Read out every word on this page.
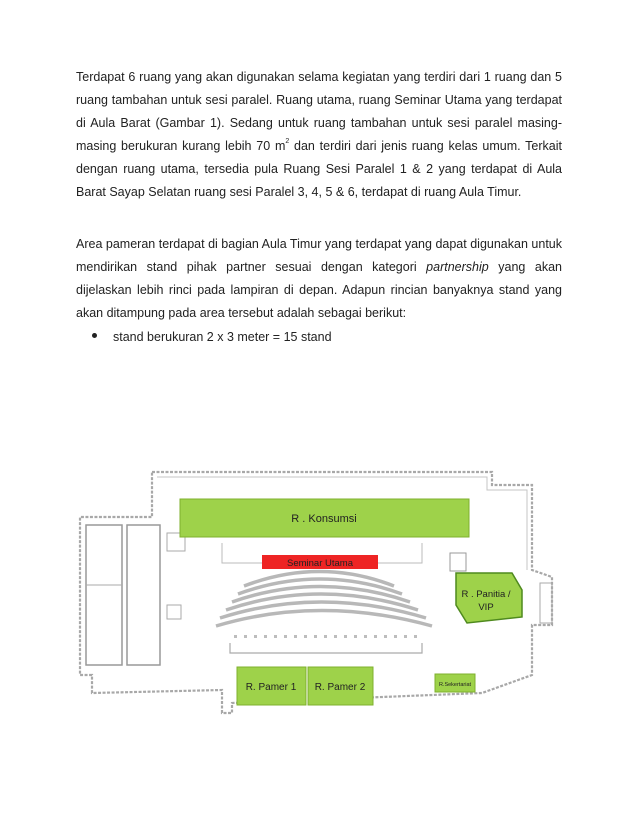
Terdapat 6 ruang yang akan digunakan selama kegiatan yang terdiri dari 1 ruang dan 5 ruang tambahan untuk sesi paralel. Ruang utama, ruang Seminar Utama yang terdapat di Aula Barat (Gambar 1). Sedang untuk ruang tambahan untuk sesi paralel masing-masing berukuran kurang lebih 70 $m^2$ dan terdiri dari jenis ruang kelas umum. Terkait dengan ruang utama, tersedia pula Ruang Sesi Paralel 1 & 2 yang terdapat di Aula Barat Sayap Selatan ruang sesi Paralel 3, 4, 5 & 6, terdapat di ruang Aula Timur.

Area pameran terdapat di bagian Aula Timur yang terdapat yang dapat digunakan untuk mendirikan stand pihak partner sesuai dengan kategori partnership yang akan dijelaskan lebih rinci pada lampiran di depan. Adapun rincian banyaknya stand yang akan ditampung pada area tersebut adalah sebagai berikut:

stand berukuran 2 x 3 meter = 15 stand
R . Konsumsi
Seminar Utama
R . Panitia /
VIP
R. Pamer 1 R. Pamer 2	R.Sekertariat
